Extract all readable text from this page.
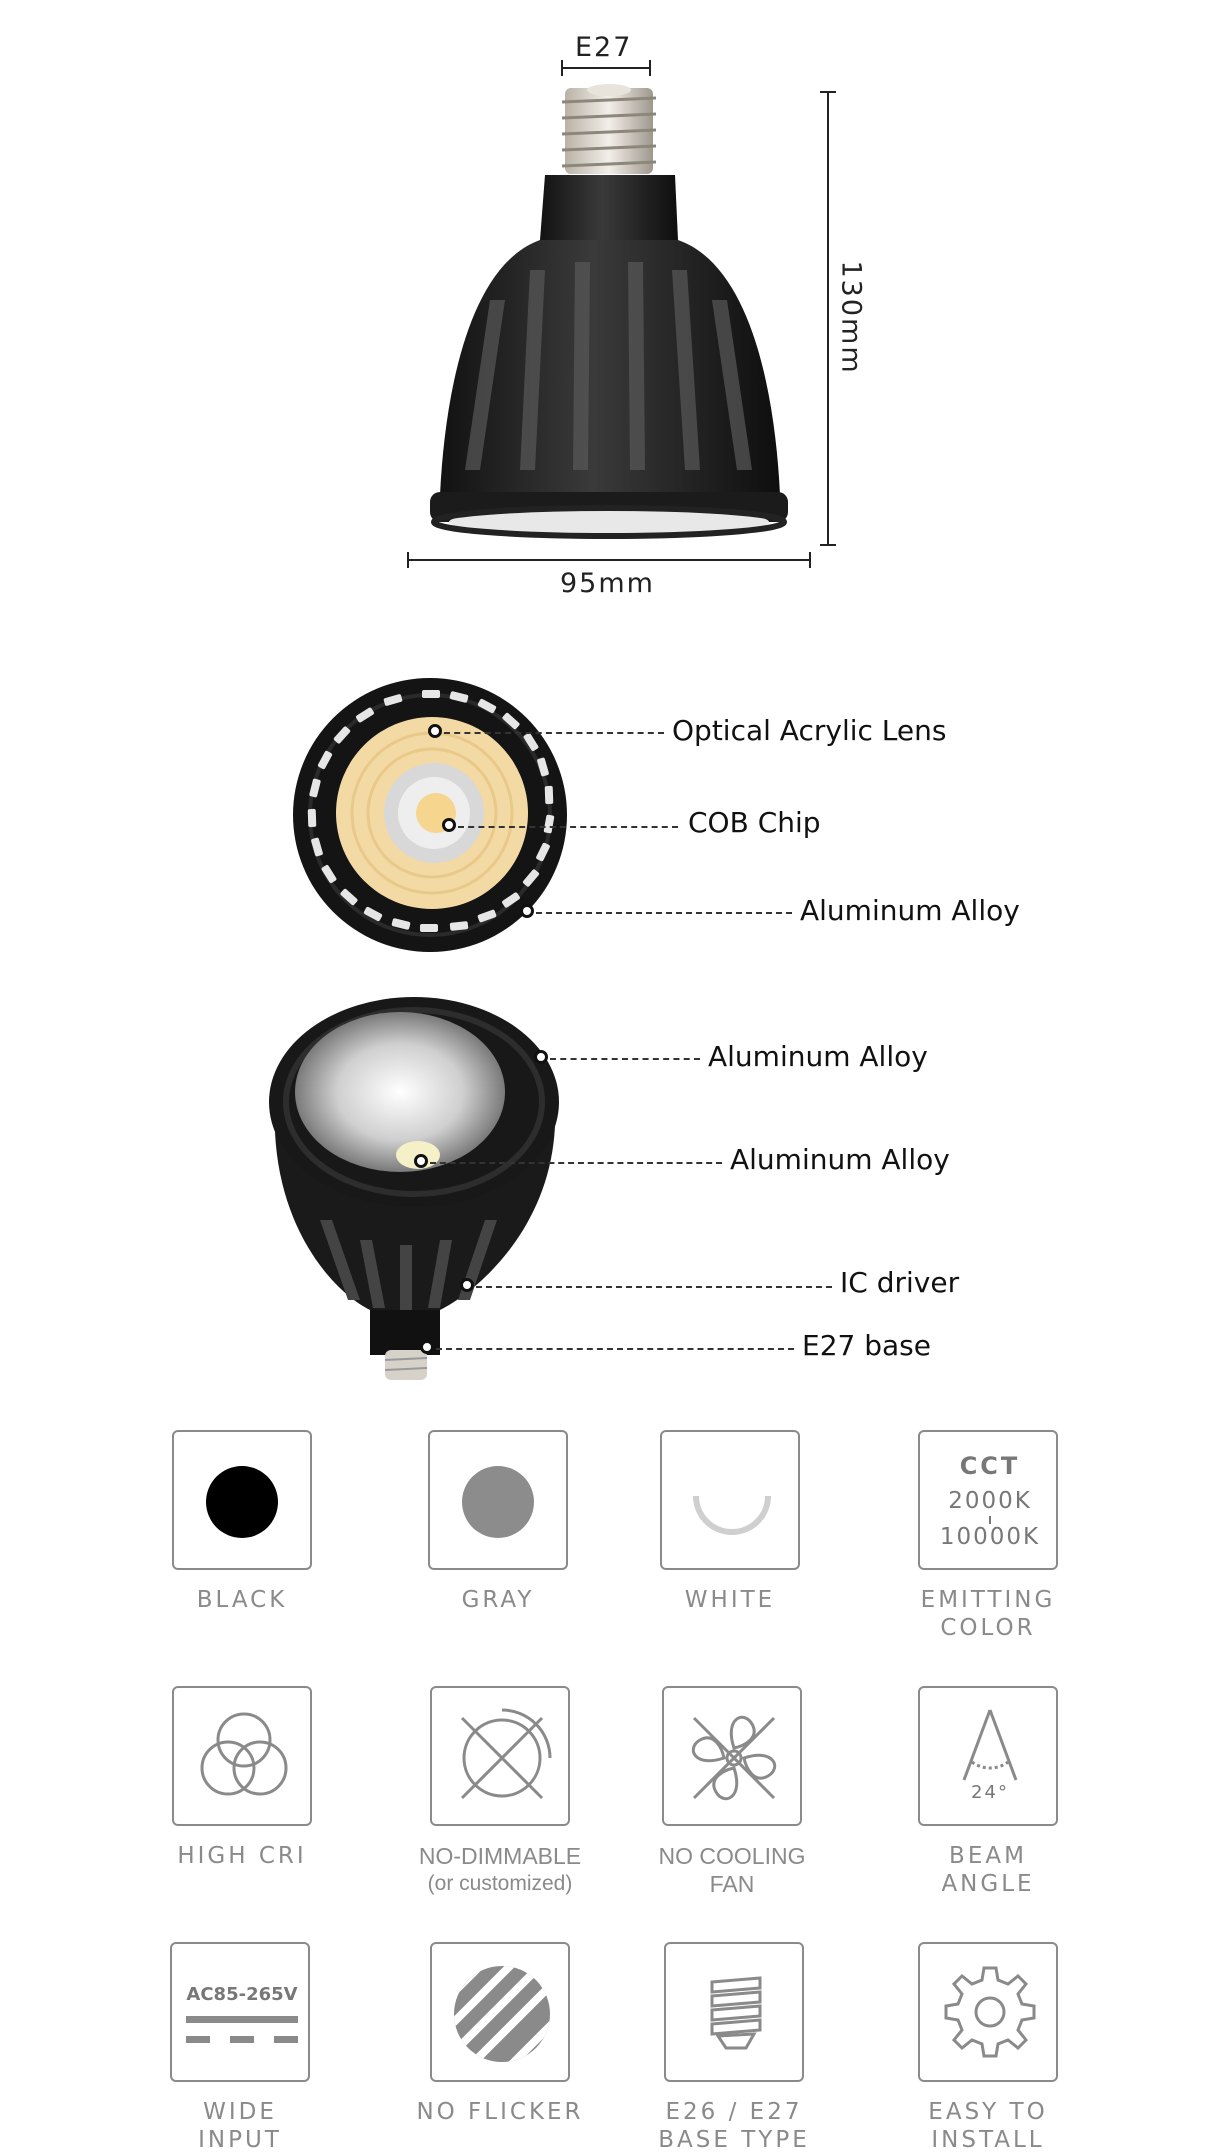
E27
130mm
95mm
Optical Acrylic Lens
COB Chip
Aluminum Alloy
Aluminum Alloy
Aluminum Alloy
IC driver
E27 base
BLACK	GRAY	WHITE
CCT
2000K
10000K
EMITTING
COLOR
HIGH CRI	NO-DIMMABLE
(or customized)
NO COOLING
FAN
24°
BEAM
ANGLE
AC85-265V
WIDE
INPUT
NO FLICKER	E26 / E27
BASE TYPE
EASY TO
INSTALL
